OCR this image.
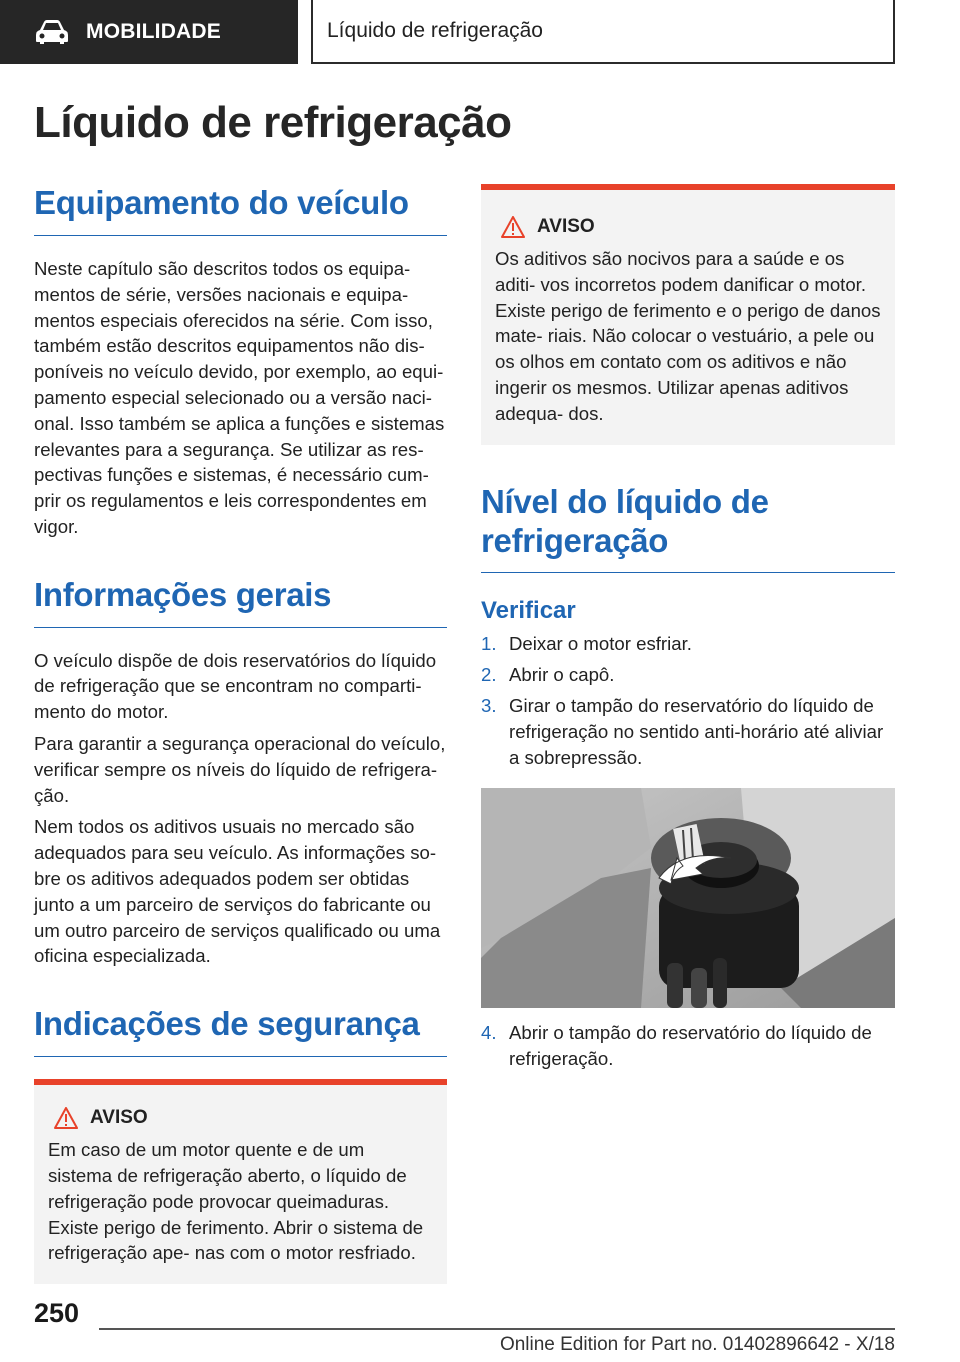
MOBILIDADE	Líquido de refrigeração
Líquido de refrigeração
Equipamento do veículo

Neste capítulo são descritos todos os equipa- mentos de série, versões nacionais e equipa- mentos especiais oferecidos na série. Com isso, também estão descritos equipamentos não dis- poníveis no veículo devido, por exemplo, ao equi- pamento especial selecionado ou a versão naci- onal. Isso também se aplica a funções e sistemas relevantes para a segurança. Se utilizar as res- pectivas funções e sistemas, é necessário cum- prir os regulamentos e leis correspondentes em vigor.

Informações gerais

O veículo dispõe de dois reservatórios do líquido de refrigeração que se encontram no comparti- mento do motor.

Para garantir a segurança operacional do veículo, verificar sempre os níveis do líquido de refrigera- ção.

Nem todos os aditivos usuais no mercado são adequados para seu veículo. As informações so- bre os aditivos adequados podem ser obtidas junto a um parceiro de serviços do fabricante ou um outro parceiro de serviços qualificado ou uma oficina especializada.

Indicações de segurança
AVISO

Em caso de um motor quente e de um sistema de refrigeração aberto, o líquido de refrigeração pode provocar queimaduras. Existe perigo de ferimento. Abrir o sistema de refrigeração ape- nas com o motor resfriado.

AVISO

Os aditivos são nocivos para a saúde e os aditi- vos incorretos podem danificar o motor. Existe perigo de ferimento e o perigo de danos mate- riais. Não colocar o vestuário, a pele ou os olhos em contato com os aditivos e não ingerir os mesmos. Utilizar apenas aditivos adequa- dos.

Nível do líquido de refrigeração
Verificar
1. Deixar o motor esfriar.
2. Abrir o capô.
3. Girar o tampão do reservatório do líquido de refrigeração no sentido anti-horário até aliviar a sobrepressão.
4. Abrir o tampão do reservatório do líquido de refrigeração.
250
Online Edition for Part no. 01402896642 - X/18
